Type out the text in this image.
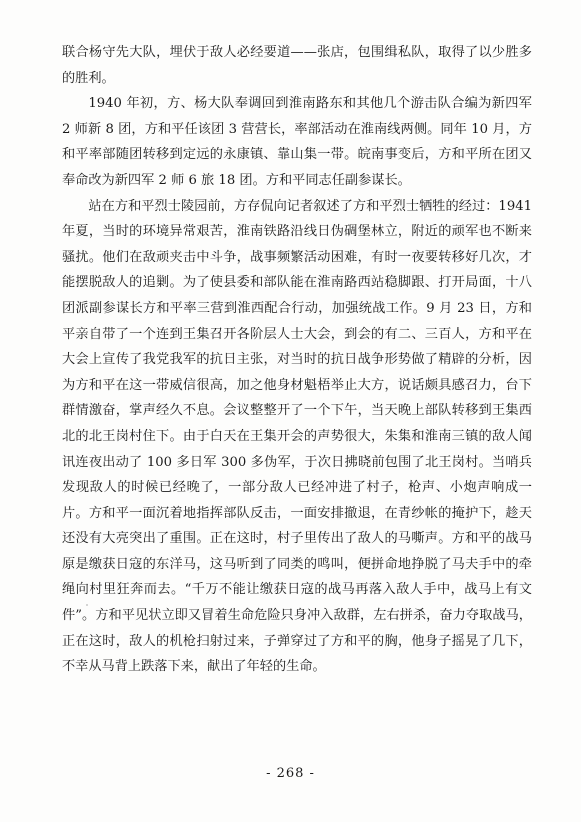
联合杨守先大队，埋伏于敌人必经要道——张店，包围缉私队，取得了以少胜多的胜利。

1940 年初，方、杨大队奉调回到淮南路东和其他几个游击队合编为新四军 2 师新 8 团，方和平任该团 3 营营长，率部活动在淮南线两侧。同年 10 月，方和平率部随团转移到定远的永康镇、靠山集一带。皖南事变后，方和平所在团又奉命改为新四军 2 师 6 旅 18 团。方和平同志任副参谋长。

站在方和平烈士陵园前，方存侃向记者叙述了方和平烈士牺牲的经过：1941 年夏，当时的环境异常艰苦，淮南铁路沿线日伪碉堡林立，附近的顽军也不断来骚扰。他们在敌顽夹击中斗争，战事频繁活动困难，有时一夜要转移好几次，才能摆脱敌人的追剿。为了使县委和部队能在淮南路西站稳脚跟、打开局面，十八团派副参谋长方和平率三营到淮西配合行动，加强统战工作。9 月 23 日，方和平亲自带了一个连到王集召开各阶层人士大会，到会的有二、三百人，方和平在大会上宣传了我党我军的抗日主张，对当时的抗日战争形势做了精辟的分析，因为方和平在这一带威信很高，加之他身材魁梧举止大方，说话颇具感召力，台下群情激奋，掌声经久不息。会议整整开了一个下午，当天晚上部队转移到王集西北的北王岗村住下。由于白天在王集开会的声势很大，朱集和淮南三镇的敌人闻讯连夜出动了 100 多日军 300 多伪军，于次日拂晓前包围了北王岗村。当哨兵发现敌人的时候已经晚了，一部分敌人已经冲进了村子，枪声、小炮声响成一片。方和平一面沉着地指挥部队反击，一面安排撤退，在青纱帐的掩护下，趁天还没有大亮突出了重围。正在这时，村子里传出了敌人的马嘶声。方和平的战马原是缴获日寇的东洋马，这马听到了同类的鸣叫，便拼命地挣脱了马夫手中的牵绳向村里狂奔而去。“千万不能让缴获日寇的战马再落入敌人手中，战马上有文件”。方和平见状立即又冒着生命危险只身冲入敌群，左右拼杀，奋力夺取战马，正在这时，敌人的机枪扫射过来，子弹穿过了方和平的胸，他身子摇晃了几下，不幸从马背上跌落下来，献出了年轻的生命。

- 268 -
